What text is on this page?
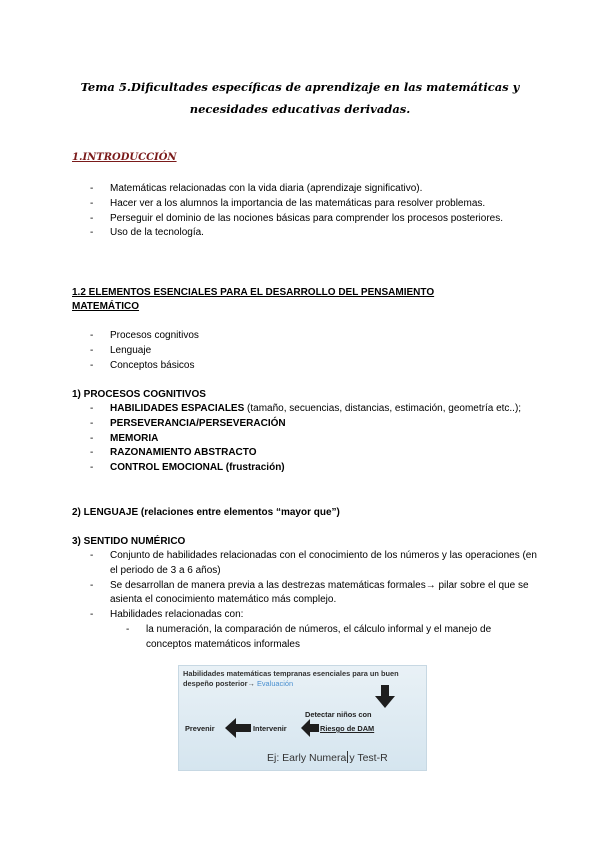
Tema 5.Dificultades específicas de aprendizaje en las matemáticas y necesidades educativas derivadas.
1.INTRODUCCIÓN
- Matemáticas relacionadas con la vida diaria (aprendizaje significativo).
- Hacer ver a los alumnos la importancia de las matemáticas para resolver problemas.
- Perseguir el dominio de las nociones básicas para comprender los procesos posteriores.
- Uso de la tecnología.
1.2 ELEMENTOS ESENCIALES PARA EL DESARROLLO DEL PENSAMIENTO MATEMÁTICO
- Procesos cognitivos
- Lenguaje
- Conceptos básicos
1) PROCESOS COGNITIVOS
- HABILIDADES ESPACIALES (tamaño, secuencias, distancias, estimación, geometría etc..);
- PERSEVERANCIA/PERSEVERACIÓN
- MEMORIA
- RAZONAMIENTO ABSTRACTO
- CONTROL EMOCIONAL (frustración)
2) LENGUAJE (relaciones entre elementos “mayor que”)
3) SENTIDO NUMÉRICO
- Conjunto de habilidades relacionadas con el conocimiento de los números y las operaciones (en el periodo de 3 a 6 años)
- Se desarrollan de manera previa a las destrezas matemáticas formales→ pilar sobre el que se asienta el conocimiento matemático más complejo.
- Habilidades relacionadas con:
- la numeración, la comparación de números, el cálculo informal y el manejo de conceptos matemáticos informales
Habilidades matemáticas tempranas esenciales para un buen despeño posterior→ Evaluación
Detectar niños con
Prevenir	Intervenir	Riesgo de DAM
Ej: Early Numera y Test-R
